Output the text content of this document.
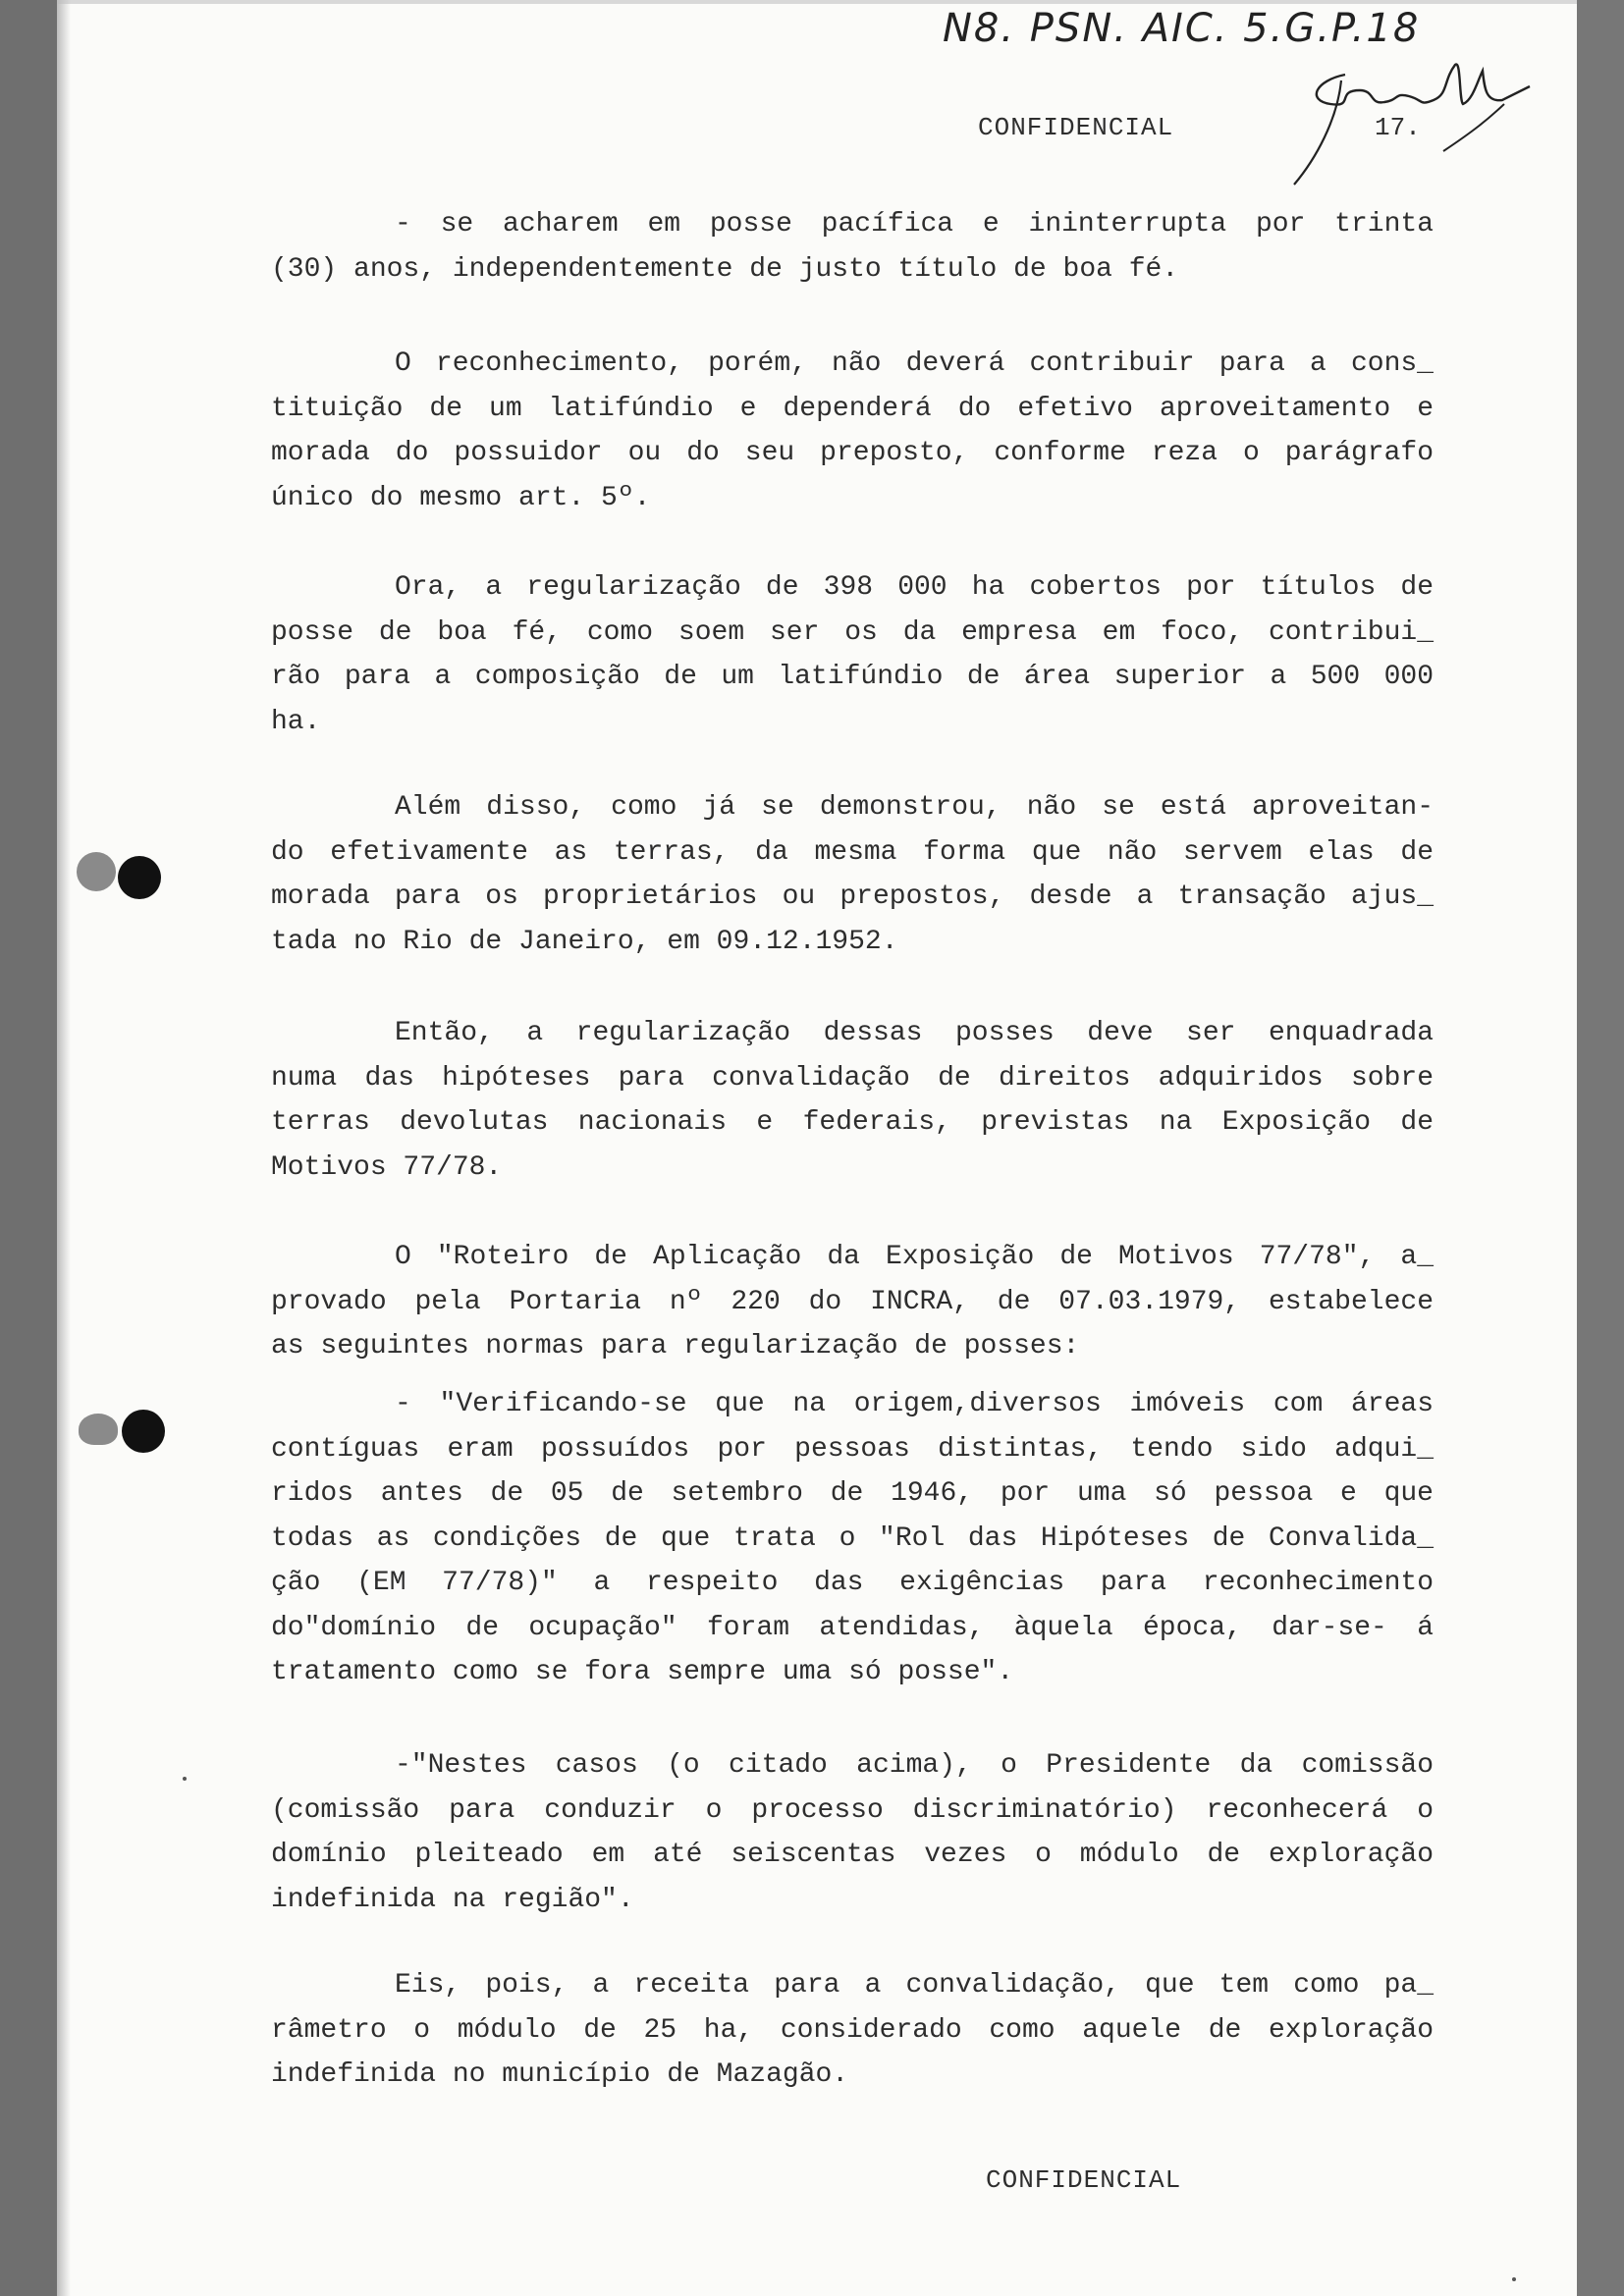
N8. PSN. AIC. 5.G.P.18
CONFIDENCIAL	17.
- se acharem em posse pacífica e ininterrupta por trinta
(30) anos, independentemente de justo título de boa fé.
O reconhecimento, porém, não deverá contribuir para a cons_
tituição de um latifúndio e dependerá do efetivo aproveitamento e
morada do possuidor ou do seu preposto, conforme reza o parágrafo
único do mesmo art. 5º.
Ora, a regularização de 398 000 ha cobertos por títulos de
posse de boa fé, como soem ser os da empresa em foco, contribui_
rão para a composição de um latifúndio de área superior a 500 000
ha.
Além disso, como já se demonstrou, não se está aproveitan-
do efetivamente as terras, da mesma forma que não servem elas de
morada para os proprietários ou prepostos, desde a transação ajus_
tada no Rio de Janeiro, em 09.12.1952.
Então, a regularização dessas posses deve ser enquadrada
numa das hipóteses para convalidação de direitos adquiridos sobre
terras devolutas nacionais e federais, previstas na Exposição de
Motivos 77/78.
O "Roteiro de Aplicação da Exposição de Motivos 77/78", a_
provado pela Portaria nº 220 do INCRA, de 07.03.1979, estabelece
as seguintes normas para regularização de posses:
- "Verificando-se que na origem,diversos imóveis com áreas
contíguas eram possuídos por pessoas distintas, tendo sido adqui_
ridos antes de 05 de setembro de 1946, por uma só pessoa e que
todas as condições de que trata o "Rol das Hipóteses de Convalida_
ção (EM 77/78)" a respeito das exigências para reconhecimento
do"domínio de ocupação" foram atendidas, àquela época, dar-se- á
tratamento como se fora sempre uma só posse".
-"Nestes casos (o citado acima), o Presidente da comissão
(comissão para conduzir o processo discriminatório) reconhecerá o
domínio pleiteado em até seiscentas vezes o módulo de exploração
indefinida na região".
Eis, pois, a receita para a convalidação, que tem como pa_
râmetro o módulo de 25 ha, considerado como aquele de exploração
indefinida no município de Mazagão.
CONFIDENCIAL
